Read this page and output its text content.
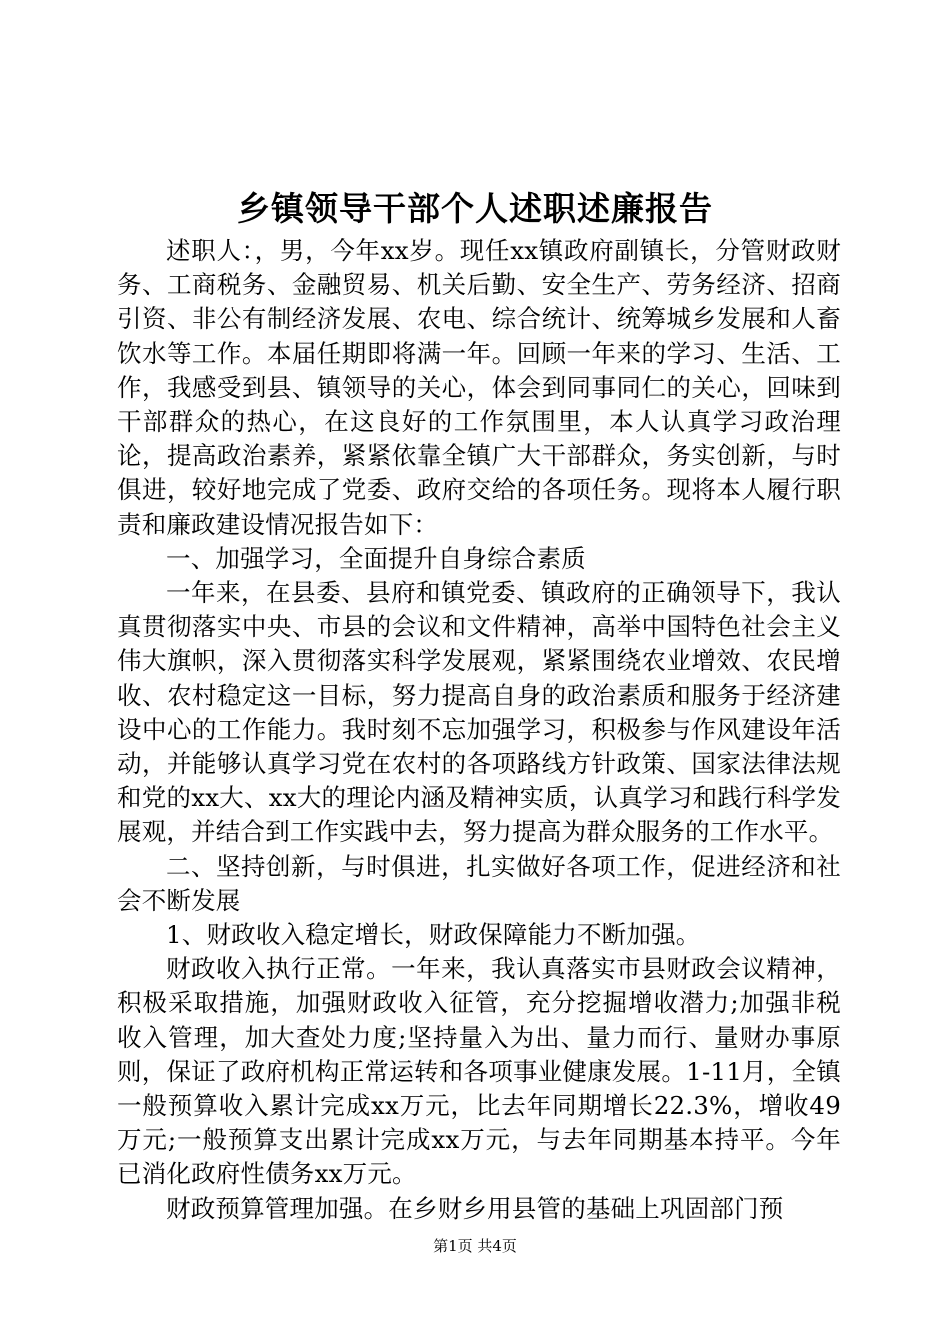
乡镇领导干部个人述职述廉报告

述职人：，男，今年xx岁。现任xx镇政府副镇长，分管财政财务、工商税务、金融贸易、机关后勤、安全生产、劳务经济、招商引资、非公有制经济发展、农电、综合统计、统筹城乡发展和人畜饮水等工作。本届任期即将满一年。回顾一年来的学习、生活、工作，我感受到县、镇领导的关心，体会到同事同仁的关心，回味到干部群众的热心，在这良好的工作氛围里，本人认真学习政治理论，提高政治素养，紧紧依靠全镇广大干部群众，务实创新，与时俱进，较好地完成了党委、政府交给的各项任务。现将本人履行职责和廉政建设情况报告如下：

一、加强学习，全面提升自身综合素质

一年来，在县委、县府和镇党委、镇政府的正确领导下，我认真贯彻落实中央、市县的会议和文件精神，高举中国特色社会主义伟大旗帜，深入贯彻落实科学发展观，紧紧围绕农业增效、农民增收、农村稳定这一目标，努力提高自身的政治素质和服务于经济建设中心的工作能力。我时刻不忘加强学习，积极参与作风建设年活动，并能够认真学习党在农村的各项路线方针政策、国家法律法规和党的xx大、xx大的理论内涵及精神实质，认真学习和践行科学发展观，并结合到工作实践中去，努力提高为群众服务的工作水平。

二、坚持创新，与时俱进，扎实做好各项工作，促进经济和社会不断发展

1、财政收入稳定增长，财政保障能力不断加强。

财政收入执行正常。一年来，我认真落实市县财政会议精神，积极采取措施，加强财政收入征管，充分挖掘增收潜力;加强非税收入管理，加大查处力度;坚持量入为出、量力而行、量财办事原则，保证了政府机构正常运转和各项事业健康发展。1-11月，全镇一般预算收入累计完成xx万元，比去年同期增长22.3%，增收49万元;一般预算支出累计完成xx万元，与去年同期基本持平。今年已消化政府性债务xx万元。

财政预算管理加强。在乡财乡用县管的基础上巩固部门预

第1页 共4页
